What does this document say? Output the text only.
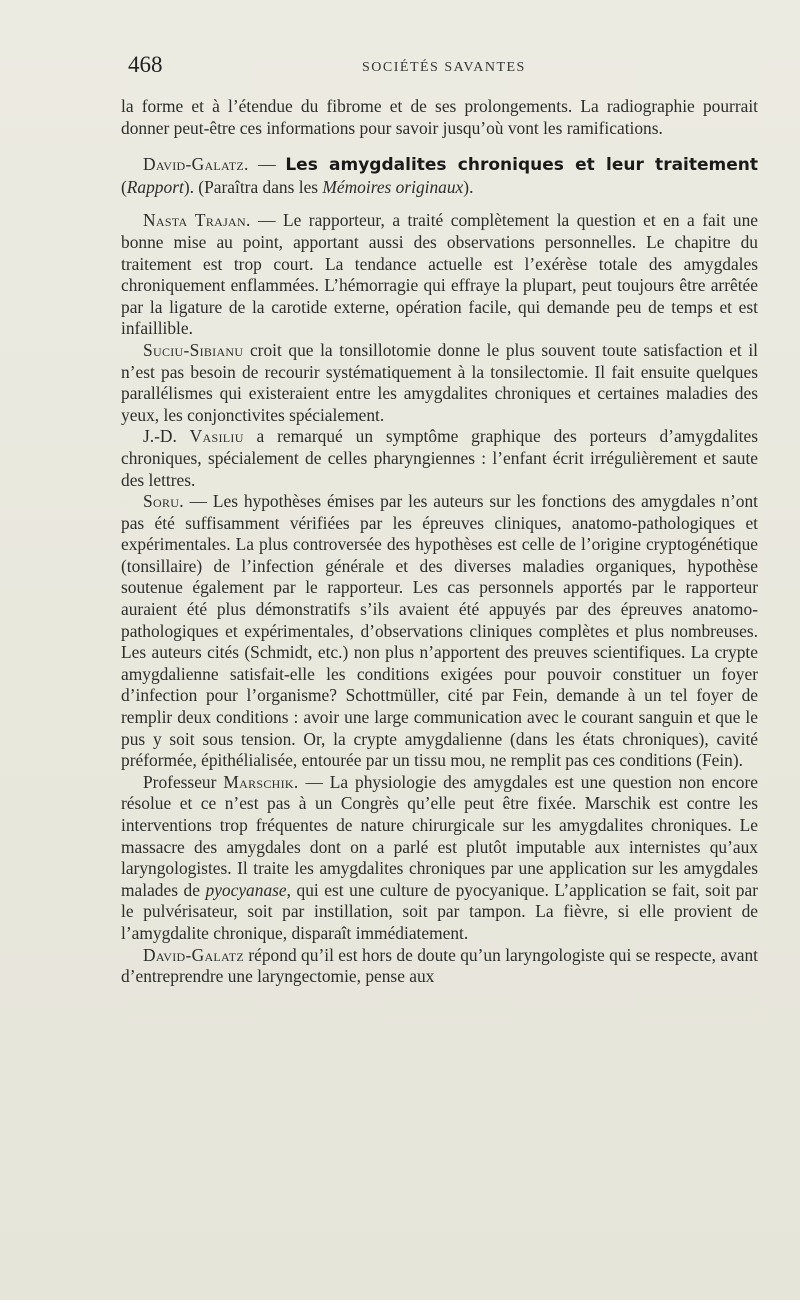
468	SOCIÉTÉS SAVANTES

la forme et à l’étendue du fibrome et de ses prolongements. La radiographie pourrait donner peut-être ces informations pour savoir jusqu’où vont les ramifications.

David-Galatz. — Les amygdalites chroniques et leur traitement (Rapport). (Paraîtra dans les Mémoires originaux).

Nasta Trajan. — Le rapporteur, a traité complètement la question et en a fait une bonne mise au point, apportant aussi des observations personnelles. Le chapitre du traitement est trop court. La tendance actuelle est l’exérèse totale des amygdales chroniquement enflammées. L’hémorragie qui effraye la plupart, peut toujours être arrêtée par la ligature de la carotide externe, opération facile, qui demande peu de temps et est infaillible.

Suciu-Sibianu croit que la tonsillotomie donne le plus souvent toute satisfaction et il n’est pas besoin de recourir systématiquement à la tonsilectomie. Il fait ensuite quelques parallélismes qui existeraient entre les amygdalites chroniques et certaines maladies des yeux, les conjonctivites spécialement.

J.-D. Vasiliu a remarqué un symptôme graphique des porteurs d’amygdalites chroniques, spécialement de celles pharyngiennes : l’enfant écrit irrégulièrement et saute des lettres.

Soru. — Les hypothèses émises par les auteurs sur les fonctions des amygdales n’ont pas été suffisamment vérifiées par les épreuves cliniques, anatomo-pathologiques et expérimentales. La plus controversée des hypothèses est celle de l’origine cryptogénétique (tonsillaire) de l’infection générale et des diverses maladies organiques, hypothèse soutenue également par le rapporteur. Les cas personnels apportés par le rapporteur auraient été plus démonstratifs s’ils avaient été appuyés par des épreuves anatomo-pathologiques et expérimentales, d’observations cliniques complètes et plus nombreuses. Les auteurs cités (Schmidt, etc.) non plus n’apportent des preuves scientifiques. La crypte amygdalienne satisfait-elle les conditions exigées pour pouvoir constituer un foyer d’infection pour l’organisme? Schottmüller, cité par Fein, demande à un tel foyer de remplir deux conditions : avoir une large communication avec le courant sanguin et que le pus y soit sous tension. Or, la crypte amygdalienne (dans les états chroniques), cavité préformée, épithélialisée, entourée par un tissu mou, ne remplit pas ces conditions (Fein).

Professeur Marschik. — La physiologie des amygdales est une question non encore résolue et ce n’est pas à un Congrès qu’elle peut être fixée. Marschik est contre les interventions trop fréquentes de nature chirurgicale sur les amygdalites chroniques. Le massacre des amygdales dont on a parlé est plutôt imputable aux internistes qu’aux laryngologistes. Il traite les amygdalites chroniques par une application sur les amygdales malades de pyocyanase, qui est une culture de pyocyanique. L’application se fait, soit par le pulvérisateur, soit par instillation, soit par tampon. La fièvre, si elle provient de l’amygdalite chronique, disparaît immédiatement.

David-Galatz répond qu’il est hors de doute qu’un laryngologiste qui se respecte, avant d’entreprendre une laryngectomie, pense aux
